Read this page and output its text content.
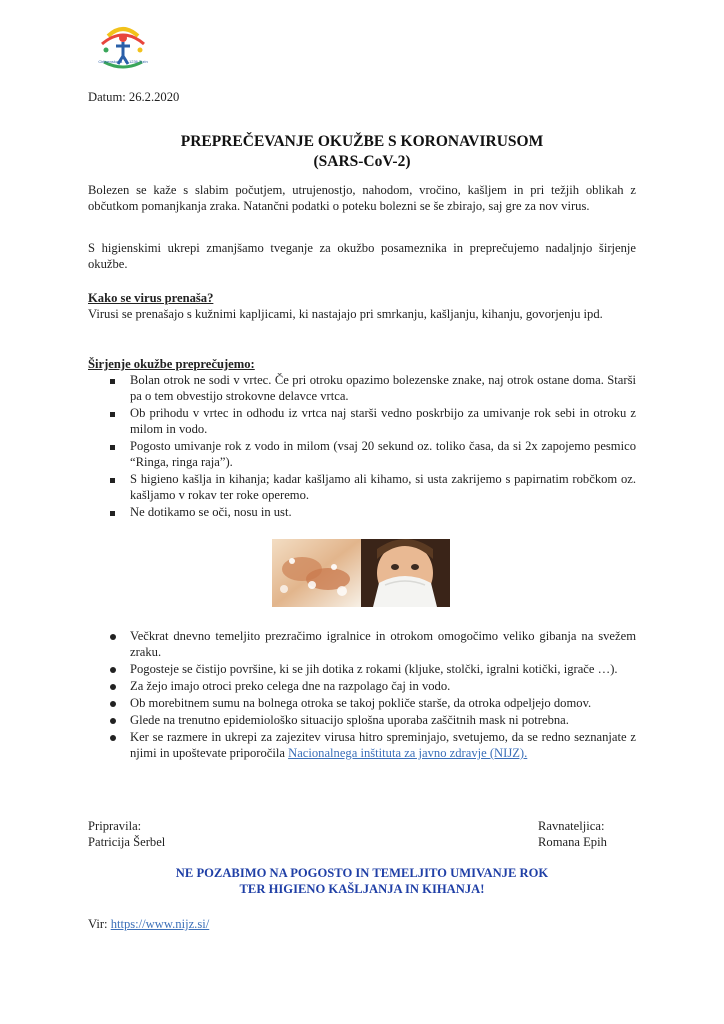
Cirkvenska ul. 1, 1236 Trzin
Datum: 26.2.2020
PREPREČEVANJE OKUŽBE S KORONAVIRUSOM
(SARS-CoV-2)
Bolezen se kaže s slabim počutjem, utrujenostjo, nahodom, vročino, kašljem in pri težjih oblikah z občutkom pomanjkanja zraka. Natančni podatki o poteku bolezni se še zbirajo, saj gre za nov virus.
S higienskimi ukrepi zmanjšamo tveganje za okužbo posameznika in preprečujemo nadaljnjo širjenje okužbe.
Kako se virus prenaša?
Virusi se prenašajo s kužnimi kapljicami, ki nastajajo pri smrkanju, kašljanju, kihanju, govorjenju ipd.
Širjenje okužbe preprečujemo:
Bolan otrok ne sodi v vrtec. Če pri otroku opazimo bolezenske znake, naj otrok ostane doma. Starši pa o tem obvestijo strokovne delavce vrtca.
Ob prihodu v vrtec in odhodu iz vrtca naj starši vedno poskrbijo za umivanje rok sebi in otroku z milom in vodo.
Pogosto umivanje rok z vodo in milom (vsaj 20 sekund oz. toliko časa, da si 2x zapojemo pesmico “Ringa, ringa raja”).
S higieno kašlja in kihanja; kadar kašljamo ali kihamo, si usta zakrijemo s papirnatim robčkom oz. kašljamo v rokav ter roke operemo.
Ne dotikamo se oči, nosu in ust.
Večkrat dnevno temeljito prezračimo igralnice in otrokom omogočimo veliko gibanja na svežem zraku.
Pogosteje se čistijo površine, ki se jih dotika z rokami (kljuke, stolčki, igralni kotički, igrače …).
Za žejo imajo otroci preko celega dne na razpolago čaj in vodo.
Ob morebitnem sumu na bolnega otroka se takoj pokliče starše, da otroka odpeljejo domov.
Glede na trenutno epidemiološko situacijo splošna uporaba zaščitnih mask ni potrebna.
Ker se razmere in ukrepi za zajezitev virusa hitro spreminjajo, svetujemo, da se redno seznanjate z njimi in upoštevate priporočila Nacionalnega inštituta za javno zdravje (NIJZ).
Pripravila:
Patricija Šerbel
Ravnateljica:
Romana Epih
NE POZABIMO NA POGOSTO IN TEMELJITO UMIVANJE ROK
TER HIGIENO KAŠLJANJA IN KIHANJA!
Vir: https://www.nijz.si/
